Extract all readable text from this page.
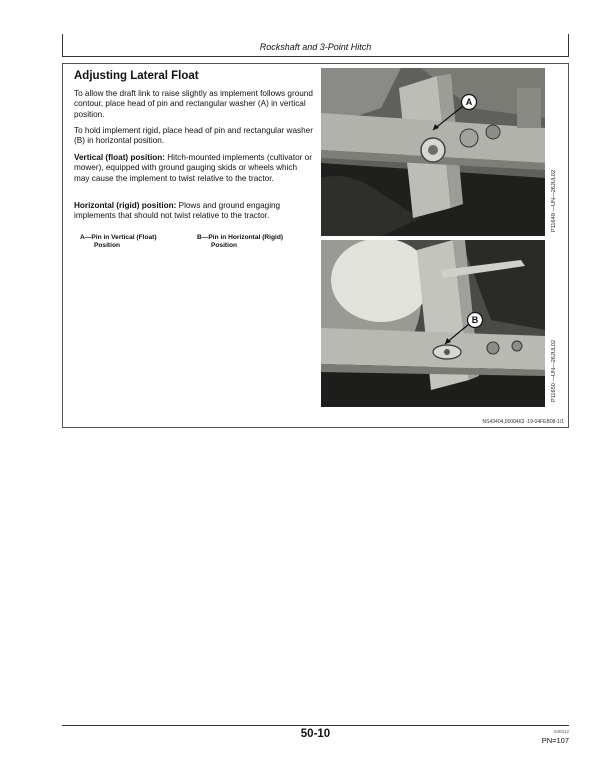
Rockshaft and 3-Point Hitch
Adjusting Lateral Float

To allow the draft link to raise slightly as implement follows ground contour, place head of pin and rectangular washer (A) in vertical position.

To hold implement rigid, place head of pin and rectangular washer (B) in horizontal position.

Vertical (float) position: Hitch-mounted implements (cultivator or mower), equipped with ground gauging skids or wheels which may cause the implement to twist relative to the tractor.

Horizontal (rigid) position: Plows and ground engaging implements that should not twist relative to the tractor.

A—Pin in Vertical (Float)
Position
B—Pin in Horizontal (Rigid)
Position
A
B
P11649 —UN—26JUL02
P11650 —UN—26JUL02
NS43404,0000463 -19-04FEB08-1/1
50-10	040312
PN=107
